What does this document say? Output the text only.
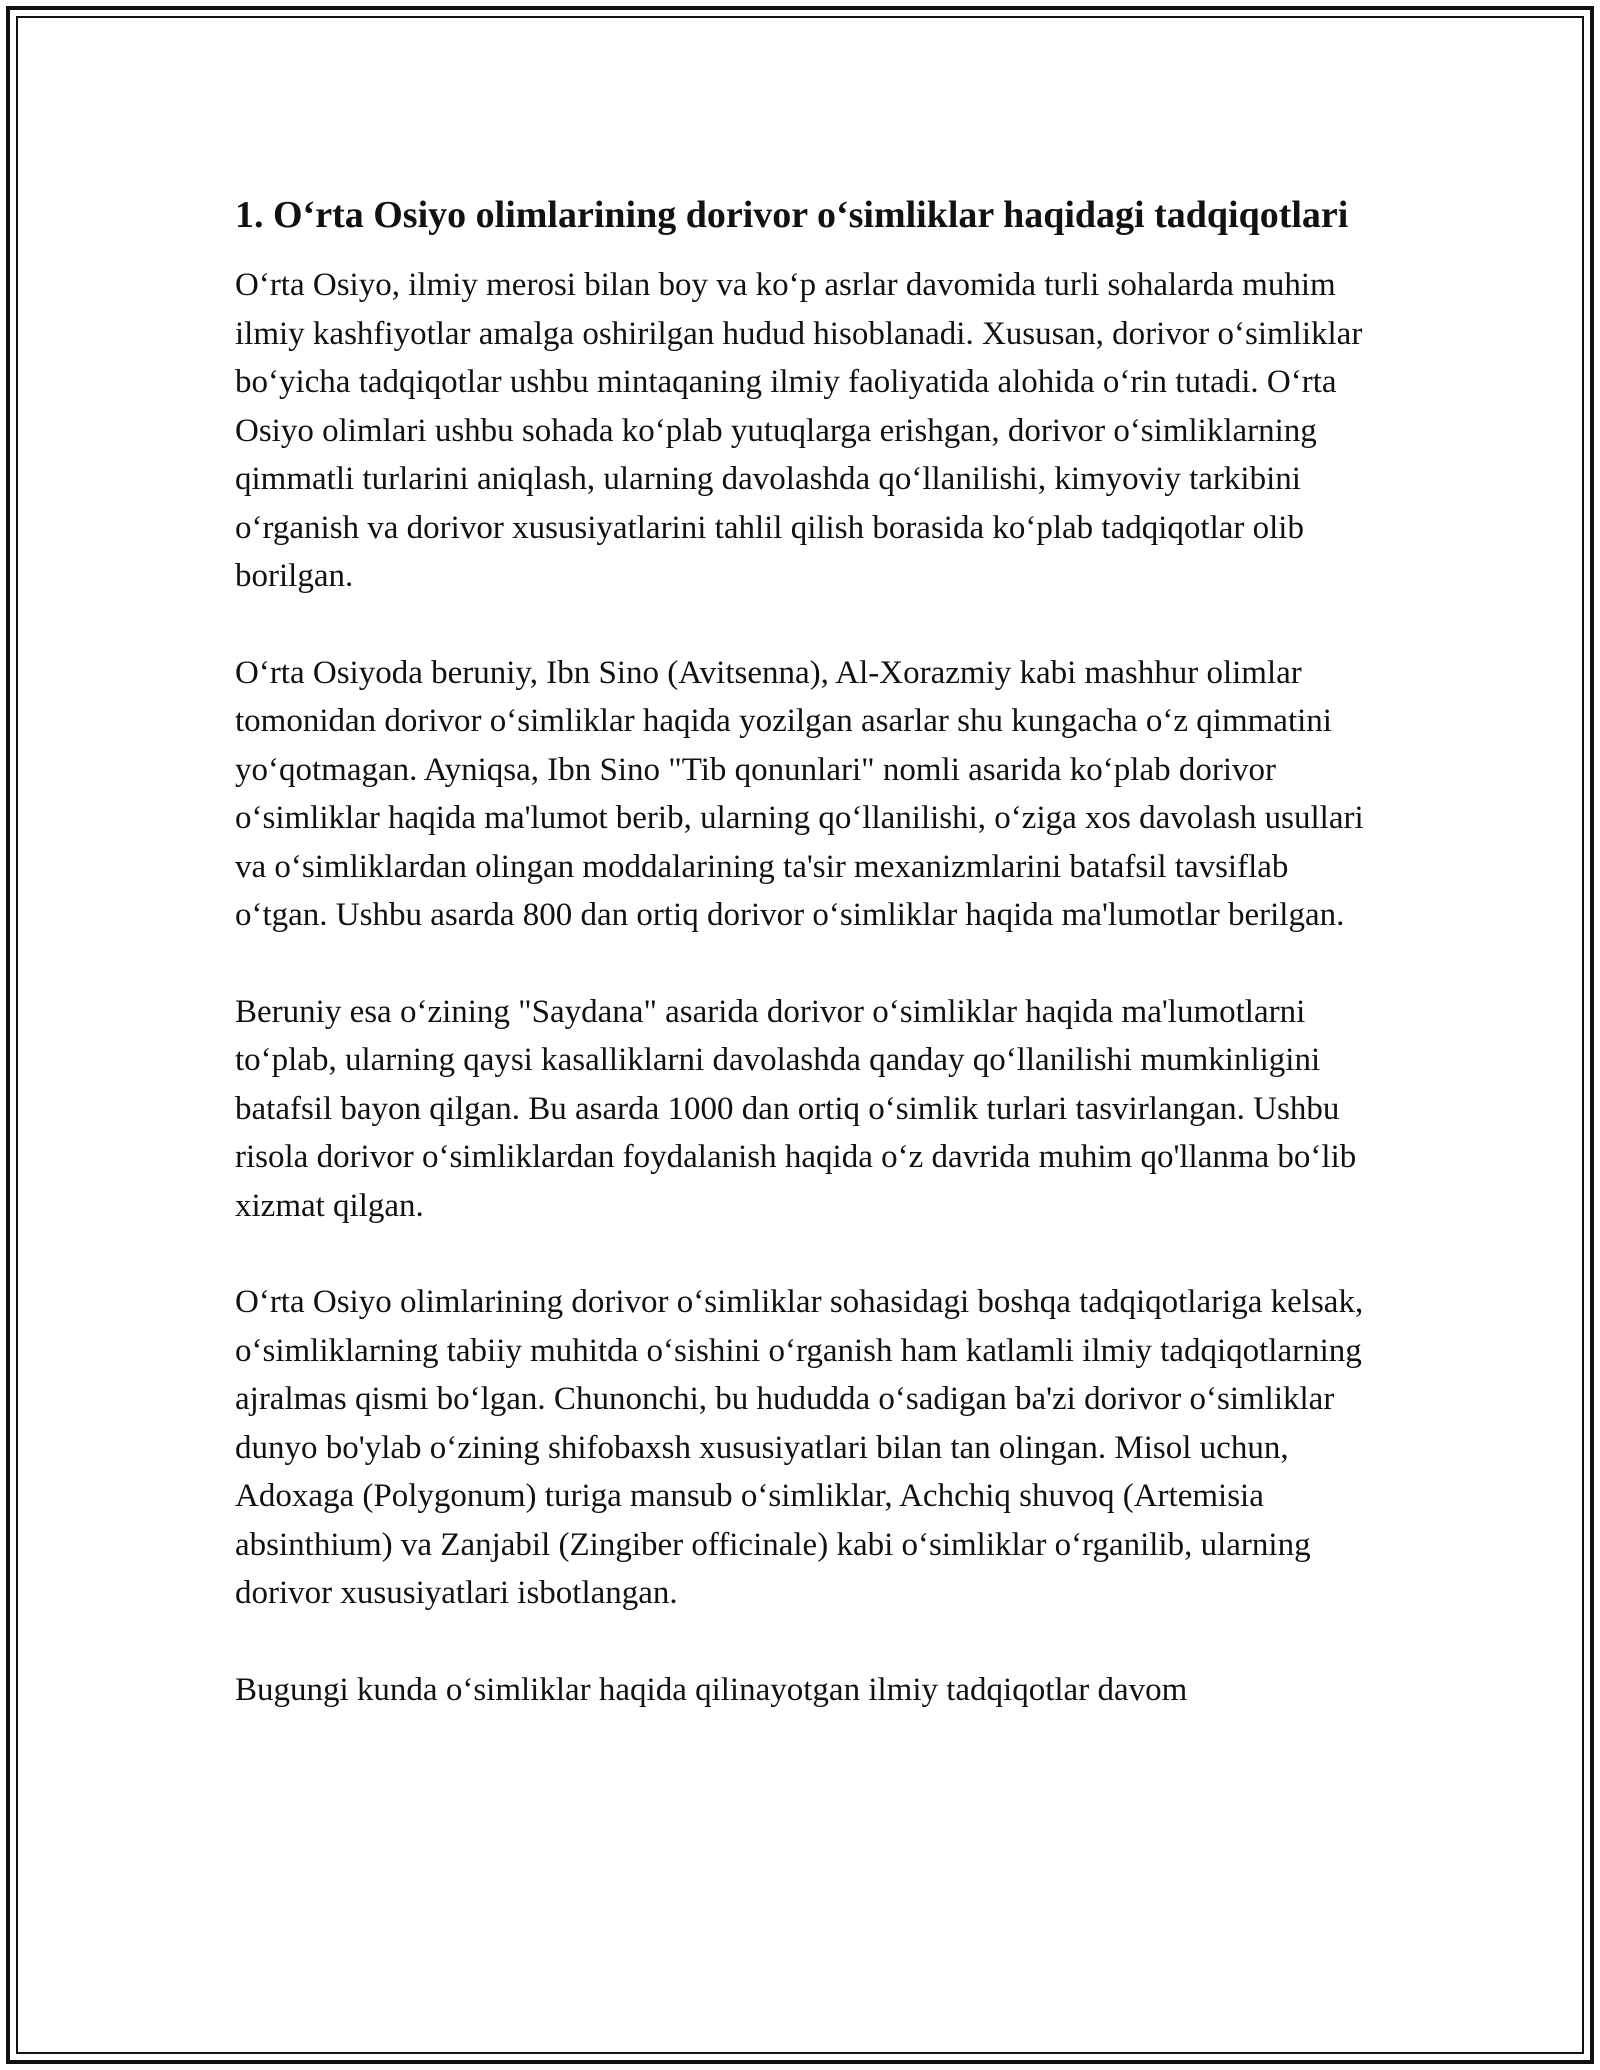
1. O‘rta Osiyo olimlarining dorivor o‘simliklar haqidagi tadqiqotlari

O‘rta Osiyo, ilmiy merosi bilan boy va ko‘p asrlar davomida turli sohalarda muhim ilmiy kashfiyotlar amalga oshirilgan hudud hisoblanadi. Xususan, dorivor o‘simliklar bo‘yicha tadqiqotlar ushbu mintaqaning ilmiy faoliyatida alohida o‘rin tutadi. O‘rta Osiyo olimlari ushbu sohada ko‘plab yutuqlarga erishgan, dorivor o‘simliklarning qimmatli turlarini aniqlash, ularning davolashda qo‘llanilishi, kimyoviy tarkibini o‘rganish va dorivor xususiyatlarini tahlil qilish borasida ko‘plab tadqiqotlar olib borilgan.

O‘rta Osiyoda beruniy, Ibn Sino (Avitsenna), Al-Xorazmiy kabi mashhur olimlar tomonidan dorivor o‘simliklar haqida yozilgan asarlar shu kungacha o‘z qimmatini yo‘qotmagan. Ayniqsa, Ibn Sino "Tib qonunlari" nomli asarida ko‘plab dorivor o‘simliklar haqida ma'lumot berib, ularning qo‘llanilishi, o‘ziga xos davolash usullari va o‘simliklardan olingan moddalarining ta'sir mexanizmlarini batafsil tavsiflab o‘tgan. Ushbu asarda 800 dan ortiq dorivor o‘simliklar haqida ma'lumotlar berilgan.

Beruniy esa o‘zining "Saydana" asarida dorivor o‘simliklar haqida ma'lumotlarni to‘plab, ularning qaysi kasalliklarni davolashda qanday qo‘llanilishi mumkinligini batafsil bayon qilgan. Bu asarda 1000 dan ortiq o‘simlik turlari tasvirlangan. Ushbu risola dorivor o‘simliklardan foydalanish haqida o‘z davrida muhim qo'llanma bo‘lib xizmat qilgan.

O‘rta Osiyo olimlarining dorivor o‘simliklar sohasidagi boshqa tadqiqotlariga kelsak, o‘simliklarning tabiiy muhitda o‘sishini o‘rganish ham katlamli ilmiy tadqiqotlarning ajralmas qismi bo‘lgan. Chunonchi, bu hududda o‘sadigan ba'zi dorivor o‘simliklar dunyo bo'ylab o‘zining shifobaxsh xususiyatlari bilan tan olingan. Misol uchun, Adoxaga (Polygonum) turiga mansub o‘simliklar, Achchiq shuvoq (Artemisia absinthium) va Zanjabil (Zingiber officinale) kabi o‘simliklar o‘rganilib, ularning dorivor xususiyatlari isbotlangan.

Bugungi kunda o‘simliklar haqida qilinayotgan ilmiy tadqiqotlar davom
